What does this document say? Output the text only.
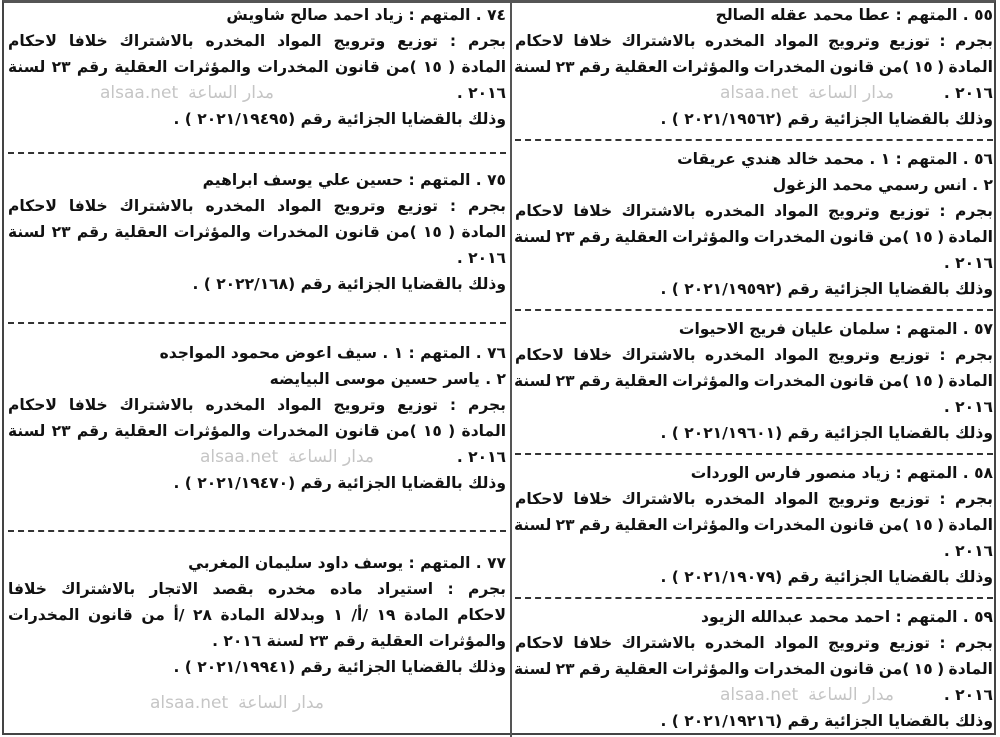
٥٥ . المتهم : عطا محمد عقله الصالح
بجرم : توزيع وترويج المواد المخدره بالاشتراك خلافا لاحكام
المادة ( ١٥ )من قانون المخدرات والمؤثرات العقلية رقم ٢٣ لسنة
٢٠١٦ .
وذلك بالقضايا الجزائية رقم (٢٠٢١/١٩٥٦٢ ) .
٥٦ . المتهم : ١ . محمد خالد هندي عريقات
٢ . انس رسمي محمد الزغول
بجرم : توزيع وترويج المواد المخدره بالاشتراك خلافا لاحكام
المادة ( ١٥ )من قانون المخدرات والمؤثرات العقلية رقم ٢٣ لسنة
٢٠١٦ .
وذلك بالقضايا الجزائية رقم (٢٠٢١/١٩٥٩٢ ) .
٥٧ . المتهم : سلمان عليان فريج الاحيوات
بجرم : توزيع وترويج المواد المخدره بالاشتراك خلافا لاحكام
المادة ( ١٥ )من قانون المخدرات والمؤثرات العقلية رقم ٢٣ لسنة
٢٠١٦ .
وذلك بالقضايا الجزائية رقم (٢٠٢١/١٩٦٠١ ) .
٥٨ . المتهم : زياد منصور فارس الوردات
بجرم : توزيع وترويج المواد المخدره بالاشتراك خلافا لاحكام
المادة ( ١٥ )من قانون المخدرات والمؤثرات العقلية رقم ٢٣ لسنة
٢٠١٦ .
وذلك بالقضايا الجزائية رقم (٢٠٢١/١٩٠٧٩ ) .
٥٩ . المتهم : احمد محمد عبدالله الزيود
بجرم : توزيع وترويج المواد المخدره بالاشتراك خلافا لاحكام
المادة ( ١٥ )من قانون المخدرات والمؤثرات العقلية رقم ٢٣ لسنة
٢٠١٦ .
وذلك بالقضايا الجزائية رقم (٢٠٢١/١٩٢١٦ ) .
٧٤ . المتهم : زياد احمد صالح شاويش
بجرم : توزيع وترويج المواد المخدره بالاشتراك خلافا لاحكام
المادة ( ١٥ )من قانون المخدرات والمؤثرات العقلية رقم ٢٣ لسنة
٢٠١٦ .
وذلك بالقضايا الجزائية رقم (٢٠٢١/١٩٤٩٥ ) .
٧٥ . المتهم : حسين علي يوسف ابراهيم
بجرم : توزيع وترويج المواد المخدره بالاشتراك خلافا لاحكام
المادة ( ١٥ )من قانون المخدرات والمؤثرات العقلية رقم ٢٣ لسنة
٢٠١٦ .
وذلك بالقضايا الجزائية رقم (٢٠٢٢/١٦٨ ) .
٧٦ . المتهم : ١ . سيف اعوض محمود المواجده
٢ . ياسر حسين موسى البيايضه
بجرم : توزيع وترويج المواد المخدره بالاشتراك خلافا لاحكام
المادة ( ١٥ )من قانون المخدرات والمؤثرات العقلية رقم ٢٣ لسنة
٢٠١٦ .
وذلك بالقضايا الجزائية رقم (٢٠٢١/١٩٤٧٠ ) .
٧٧ . المتهم : يوسف داود سليمان المغربي
بجرم : استيراد ماده مخدره بقصد الاتجار بالاشتراك خلافا
لاحكام المادة ١٩ /أ/ ١ وبدلالة المادة ٢٨ /أ من قانون المخدرات
والمؤثرات العقلية رقم ٢٣ لسنة ٢٠١٦ .
وذلك بالقضايا الجزائية رقم (٢٠٢١/١٩٩٤١ ) .
مدار الساعة
alsaa.net
مدار الساعة
alsaa.net
مدار الساعة
alsaa.net
مدار الساعة
alsaa.net
مدار الساعة
alsaa.net
